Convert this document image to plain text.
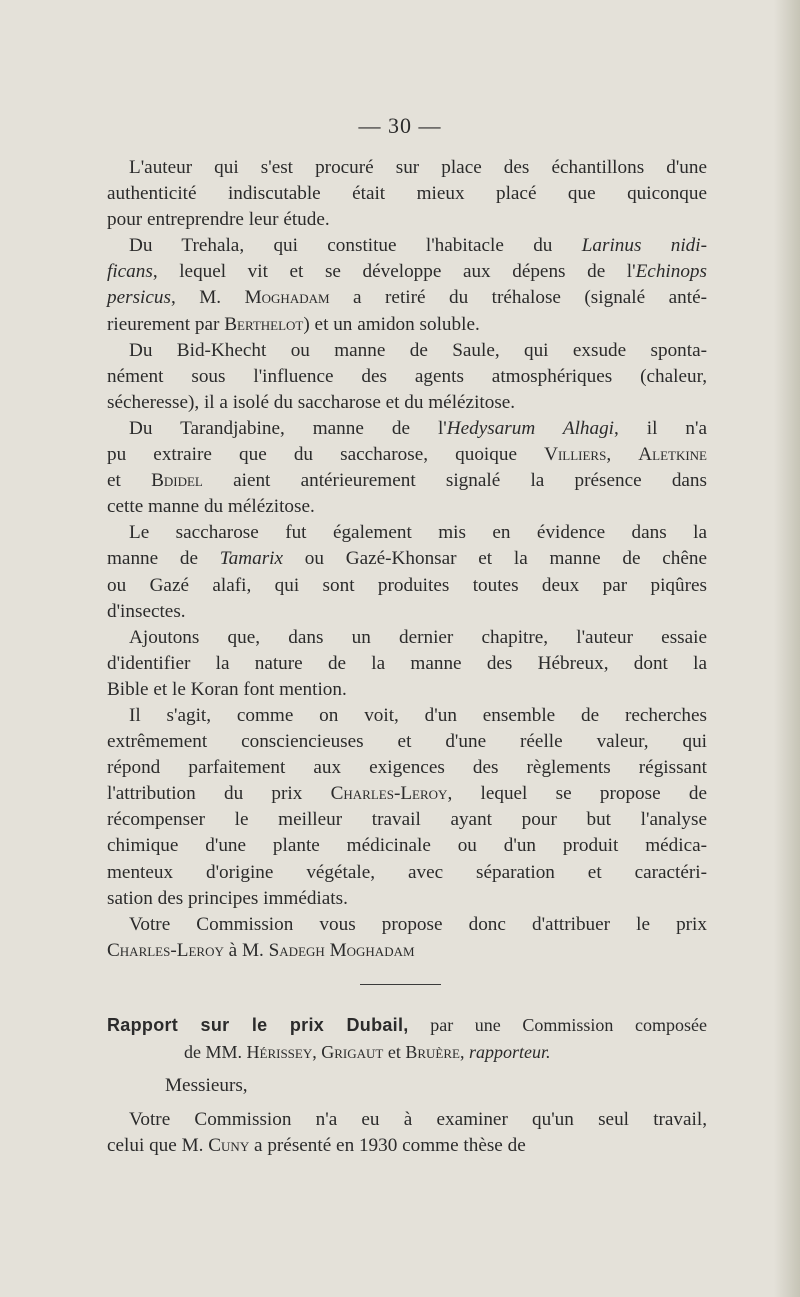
— 30 —
L'auteur qui s'est procuré sur place des échantillons d'une
authenticité indiscutable était mieux placé que quiconque
pour entreprendre leur étude.
Du Trehala, qui constitue l'habitacle du Larinus nidi-
ficans, lequel vit et se développe aux dépens de l'Echinops
persicus, M. Moghadam a retiré du tréhalose (signalé anté-
rieurement par Berthelot) et un amidon soluble.
Du Bid-Khecht ou manne de Saule, qui exsude sponta-
nément sous l'influence des agents atmosphériques (chaleur,
sécheresse), il a isolé du saccharose et du mélézitose.
Du Tarandjabine, manne de l'Hedysarum Alhagi, il n'a
pu extraire que du saccharose, quoique Villiers, Aletkine
et Bdidel aient antérieurement signalé la présence dans
cette manne du mélézitose.
Le saccharose fut également mis en évidence dans la
manne de Tamarix ou Gazé-Khonsar et la manne de chêne
ou Gazé alafi, qui sont produites toutes deux par piqûres
d'insectes.
Ajoutons que, dans un dernier chapitre, l'auteur essaie
d'identifier la nature de la manne des Hébreux, dont la
Bible et le Koran font mention.
Il s'agit, comme on voit, d'un ensemble de recherches
extrêmement consciencieuses et d'une réelle valeur, qui
répond parfaitement aux exigences des règlements régissant
l'attribution du prix Charles-Leroy, lequel se propose de
récompenser le meilleur travail ayant pour but l'analyse
chimique d'une plante médicinale ou d'un produit médica-
menteux d'origine végétale, avec séparation et caractéri-
sation des principes immédiats.
Votre Commission vous propose donc d'attribuer le prix
Charles-Leroy à M. Sadegh Moghadam
Rapport sur le prix Dubail, par une Commission composée
de MM. Hérissey, Grigaut et Bruère, rapporteur.
Messieurs,
Votre Commission n'a eu à examiner qu'un seul travail,
celui que M. Cuny a présenté en 1930 comme thèse de
